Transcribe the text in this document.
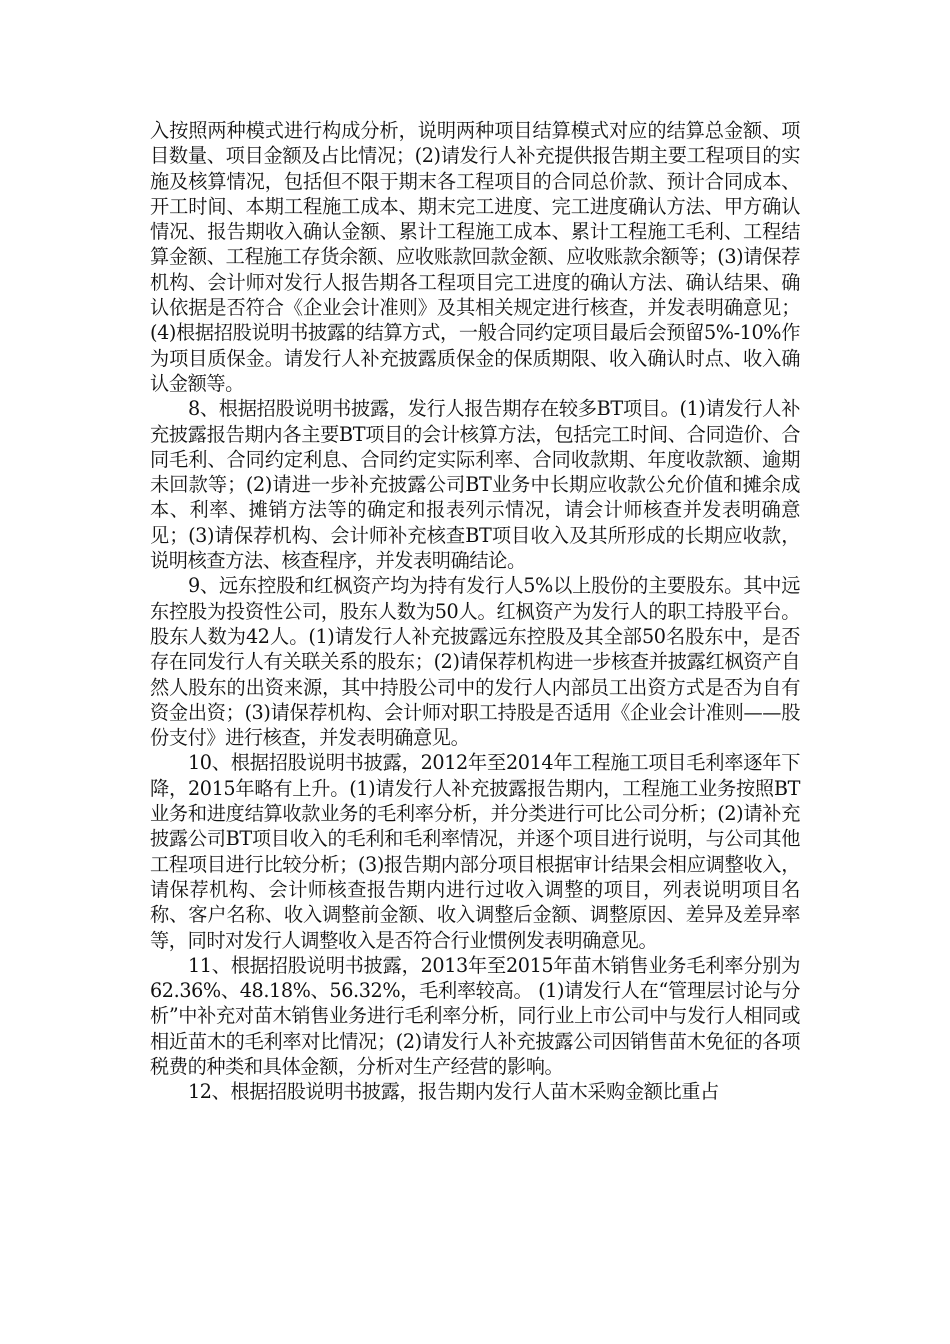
入按照两种模式进行构成分析，说明两种项目结算模式对应的结算总金额、项目数量、项目金额及占比情况；(2)请发行人补充提供报告期主要工程项目的实施及核算情况，包括但不限于期末各工程项目的合同总价款、预计合同成本、开工时间、本期工程施工成本、期末完工进度、完工进度确认方法、甲方确认情况、报告期收入确认金额、累计工程施工成本、累计工程施工毛利、工程结算金额、工程施工存货余额、应收账款回款金额、应收账款余额等；(3)请保荐机构、会计师对发行人报告期各工程项目完工进度的确认方法、确认结果、确认依据是否符合《企业会计准则》及其相关规定进行核查，并发表明确意见；(4)根据招股说明书披露的结算方式，一般合同约定项目最后会预留5%-10%作为项目质保金。请发行人补充披露质保金的保质期限、收入确认时点、收入确认金额等。

8、根据招股说明书披露，发行人报告期存在较多BT项目。(1)请发行人补充披露报告期内各主要BT项目的会计核算方法，包括完工时间、合同造价、合同毛利、合同约定利息、合同约定实际利率、合同收款期、年度收款额、逾期未回款等；(2)请进一步补充披露公司BT业务中长期应收款公允价值和摊余成本、利率、摊销方法等的确定和报表列示情况，请会计师核查并发表明确意见；(3)请保荐机构、会计师补充核查BT项目收入及其所形成的长期应收款，说明核查方法、核查程序，并发表明确结论。

9、远东控股和红枫资产均为持有发行人5%以上股份的主要股东。其中远东控股为投资性公司，股东人数为50人。红枫资产为发行人的职工持股平台。股东人数为42人。(1)请发行人补充披露远东控股及其全部50名股东中，是否存在同发行人有关联关系的股东；(2)请保荐机构进一步核查并披露红枫资产自然人股东的出资来源，其中持股公司中的发行人内部员工出资方式是否为自有资金出资；(3)请保荐机构、会计师对职工持股是否适用《企业会计准则——股份支付》进行核查，并发表明确意见。

10、根据招股说明书披露，2012年至2014年工程施工项目毛利率逐年下降，2015年略有上升。(1)请发行人补充披露报告期内，工程施工业务按照BT业务和进度结算收款业务的毛利率分析，并分类进行可比公司分析；(2)请补充披露公司BT项目收入的毛利和毛利率情况，并逐个项目进行说明，与公司其他工程项目进行比较分析；(3)报告期内部分项目根据审计结果会相应调整收入，请保荐机构、会计师核查报告期内进行过收入调整的项目，列表说明项目名称、客户名称、收入调整前金额、收入调整后金额、调整原因、差异及差异率等，同时对发行人调整收入是否符合行业惯例发表明确意见。

11、根据招股说明书披露，2013年至2015年苗木销售业务毛利率分别为62.36%、48.18%、56.32%，毛利率较高。 (1)请发行人在“管理层讨论与分析”中补充对苗木销售业务进行毛利率分析，同行业上市公司中与发行人相同或相近苗木的毛利率对比情况；(2)请发行人补充披露公司因销售苗木免征的各项税费的种类和具体金额，分析对生产经营的影响。

12、根据招股说明书披露，报告期内发行人苗木采购金额比重占
